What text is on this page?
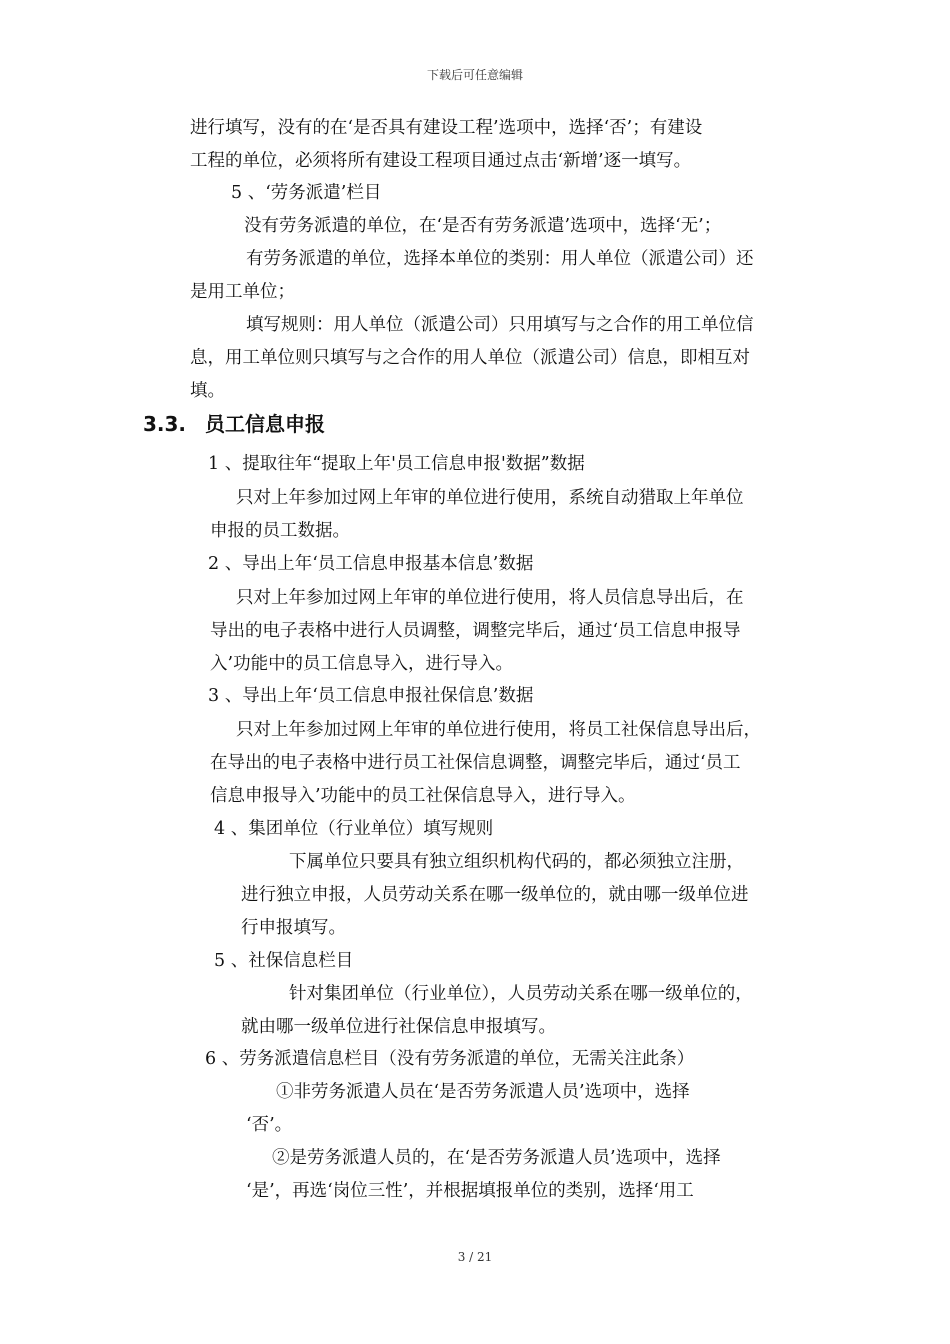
下载后可任意编辑
进行填写，没有的在‘是否具有建设工程’选项中，选择‘否’；有建设
工程的单位，必须将所有建设工程项目通过点击‘新增’逐一填写。
5 、‘劳务派遣’栏目
没有劳务派遣的单位，在‘是否有劳务派遣’选项中，选择‘无’；
有劳务派遣的单位，选择本单位的类别：用人单位（派遣公司）还
是用工单位；
填写规则：用人单位（派遣公司）只用填写与之合作的用工单位信
息，用工单位则只填写与之合作的用人单位（派遣公司）信息，即相互对
填。
3.3. 员工信息申报
1 、提取往年“提取上年'员工信息申报'数据”数据
只对上年参加过网上年审的单位进行使用，系统自动猎取上年单位
申报的员工数据。
2 、导出上年‘员工信息申报基本信息’数据
只对上年参加过网上年审的单位进行使用，将人员信息导出后，在
导出的电子表格中进行人员调整，调整完毕后，通过‘员工信息申报导
入’功能中的员工信息导入，进行导入。
3 、导出上年‘员工信息申报社保信息’数据
只对上年参加过网上年审的单位进行使用，将员工社保信息导出后，
在导出的电子表格中进行员工社保信息调整，调整完毕后，通过‘员工
信息申报导入’功能中的员工社保信息导入，进行导入。
4 、集团单位（行业单位）填写规则
下属单位只要具有独立组织机构代码的，都必须独立注册，
进行独立申报，人员劳动关系在哪一级单位的，就由哪一级单位进
行申报填写。
5 、社保信息栏目
针对集团单位（行业单位），人员劳动关系在哪一级单位的，
就由哪一级单位进行社保信息申报填写。
6 、劳务派遣信息栏目（没有劳务派遣的单位，无需关注此条）
①非劳务派遣人员在‘是否劳务派遣人员’选项中，选择
‘否’。
②是劳务派遣人员的，在‘是否劳务派遣人员’选项中，选择
‘是’，再选‘岗位三性’，并根据填报单位的类别，选择‘用工
3 / 21
